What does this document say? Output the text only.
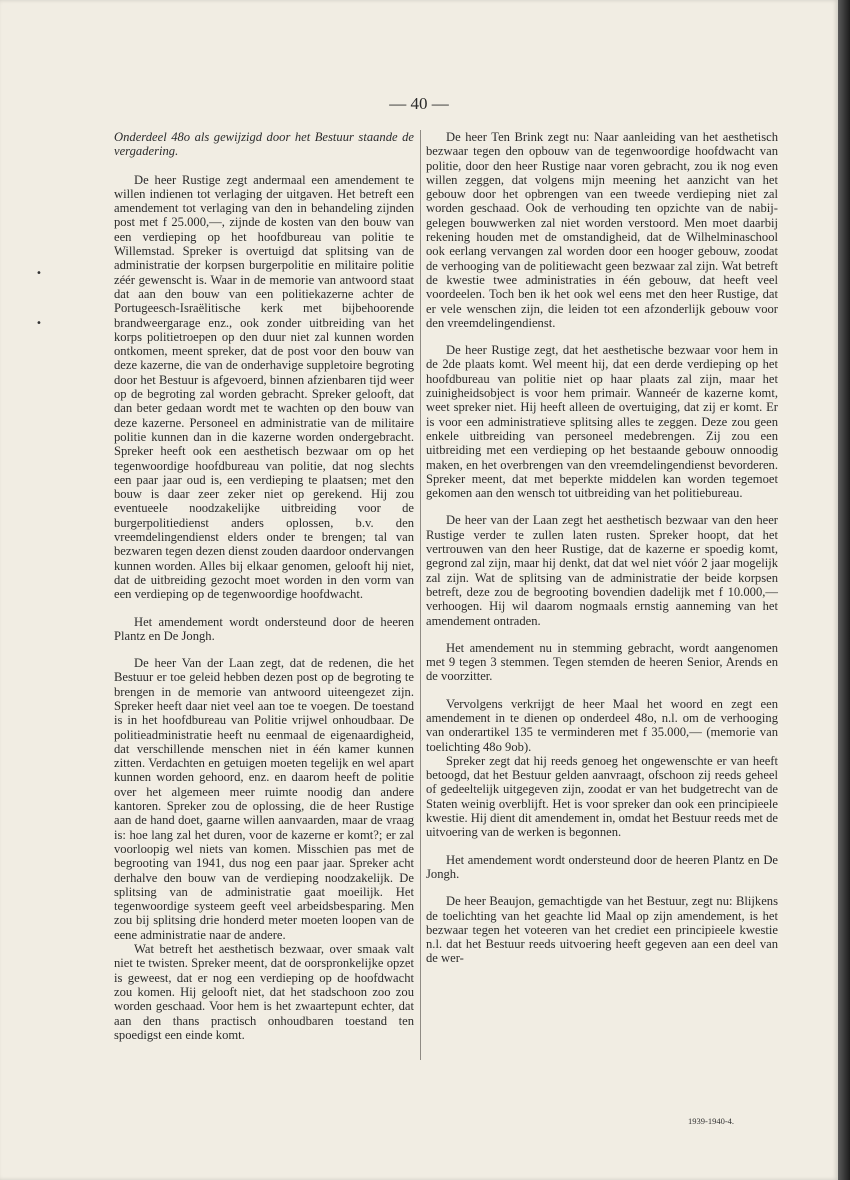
— 40 —

Onderdeel 48o als gewijzigd door het Bestuur staande de vergadering.

De heer Rustige zegt andermaal een amendement te willen indienen tot verlaging der uitgaven. Het betreft een amendement tot verlaging van den in behandeling zijnden post met f 25.000,—, zijnde de kosten van den bouw van een verdieping op het hoofdbureau van politie te Willemstad. Spreker is overtuigd dat splitsing van de administratie der korpsen burgerpolitie en militaire politie zéér gewenscht is. Waar in de memorie van antwoord staat dat aan den bouw van een politiekazerne achter de Portugeesch-Israëlitische kerk met bijbehoorende brandweergarage enz., ook zonder uitbreiding van het korps politietroepen op den duur niet zal kunnen worden ontkomen, meent spreker, dat de post voor den bouw van deze kazerne, die van de onderhavige suppletoire begroting door het Bestuur is afgevoerd, binnen afzienbaren tijd weer op de begroting zal worden gebracht. Spreker gelooft, dat dan beter gedaan wordt met te wachten op den bouw van deze kazerne. Personeel en administratie van de militaire politie kunnen dan in die kazerne worden ondergebracht. Spreker heeft ook een aesthetisch bezwaar om op het tegenwoordige hoofdbureau van politie, dat nog slechts een paar jaar oud is, een verdieping te plaatsen; met den bouw is daar zeer zeker niet op gerekend. Hij zou eventueele noodzakelijke uitbreiding voor de burgerpolitiedienst anders oplossen, b.v. den vreemdelingendienst elders onder te brengen; tal van bezwaren tegen dezen dienst zouden daardoor ondervangen kunnen worden. Alles bij elkaar genomen, gelooft hij niet, dat de uitbreiding gezocht moet worden in den vorm van een verdieping op de tegenwoordige hoofdwacht.

Het amendement wordt ondersteund door de heeren Plantz en De Jongh.

De heer Van der Laan zegt, dat de redenen, die het Bestuur er toe geleid hebben dezen post op de begroting te brengen in de memorie van antwoord uiteengezet zijn. Spreker heeft daar niet veel aan toe te voegen. De toestand is in het hoofdbureau van Politie vrijwel onhoudbaar. De politieadministratie heeft nu eenmaal de eigenaardigheid, dat verschillende menschen niet in één kamer kunnen zitten. Verdachten en getuigen moeten tegelijk en wel apart kunnen worden gehoord, enz. en daarom heeft de politie over het algemeen meer ruimte noodig dan andere kantoren. Spreker zou de oplossing, die de heer Rustige aan de hand doet, gaarne willen aanvaarden, maar de vraag is: hoe lang zal het duren, voor de kazerne er komt?; er zal voorloopig wel niets van komen. Misschien pas met de begrooting van 1941, dus nog een paar jaar. Spreker acht derhalve den bouw van de verdieping noodzakelijk. De splitsing van de administratie gaat moeilijk. Het tegenwoordige systeem geeft veel arbeidsbesparing. Men zou bij splitsing drie honderd meter moeten loopen van de eene administratie naar de andere.

Wat betreft het aesthetisch bezwaar, over smaak valt niet te twisten. Spreker meent, dat de oorspronkelijke opzet is geweest, dat er nog een verdieping op de hoofdwacht zou komen. Hij gelooft niet, dat het stadschoon zoo zou worden geschaad. Voor hem is het zwaartepunt echter, dat aan den thans practisch onhoudbaren toestand ten spoedigst een einde komt.

De heer Ten Brink zegt nu: Naar aanleiding van het aesthetisch bezwaar tegen den opbouw van de tegenwoordige hoofdwacht van politie, door den heer Rustige naar voren gebracht, zou ik nog even willen zeggen, dat volgens mijn meening het aanzicht van het gebouw door het opbrengen van een tweede verdieping niet zal worden geschaad. Ook de verhouding ten opzichte van de nabij-gelegen bouwwerken zal niet worden verstoord. Men moet daarbij rekening houden met de omstandigheid, dat de Wilhelminaschool ook eerlang vervangen zal worden door een hooger gebouw, zoodat de verhooging van de politiewacht geen bezwaar zal zijn. Wat betreft de kwestie twee administraties in één gebouw, dat heeft veel voordeelen. Toch ben ik het ook wel eens met den heer Rustige, dat er vele wenschen zijn, die leiden tot een afzonderlijk gebouw voor den vreemdelingendienst.

De heer Rustige zegt, dat het aesthetische bezwaar voor hem in de 2de plaats komt. Wel meent hij, dat een derde verdieping op het hoofdbureau van politie niet op haar plaats zal zijn, maar het zuinigheidsobject is voor hem primair. Wanneér de kazerne komt, weet spreker niet. Hij heeft alleen de overtuiging, dat zij er komt. Er is voor een administratieve splitsing alles te zeggen. Deze zou geen enkele uitbreiding van personeel medebrengen. Zij zou een uitbreiding met een verdieping op het bestaande gebouw onnoodig maken, en het overbrengen van den vreemdelingendienst bevorderen. Spreker meent, dat met beperkte middelen kan worden tegemoet gekomen aan den wensch tot uitbreiding van het politiebureau.

De heer van der Laan zegt het aesthetisch bezwaar van den heer Rustige verder te zullen laten rusten. Spreker hoopt, dat het vertrouwen van den heer Rustige, dat de kazerne er spoedig komt, gegrond zal zijn, maar hij denkt, dat dat wel niet vóór 2 jaar mogelijk zal zijn. Wat de splitsing van de administratie der beide korpsen betreft, deze zou de begrooting bovendien dadelijk met f 10.000,— verhoogen. Hij wil daarom nogmaals ernstig aanneming van het amendement ontraden.

Het amendement nu in stemming gebracht, wordt aangenomen met 9 tegen 3 stemmen. Tegen stemden de heeren Senior, Arends en de voorzitter.

Vervolgens verkrijgt de heer Maal het woord en zegt een amendement in te dienen op onderdeel 48o, n.l. om de verhooging van onderartikel 135 te verminderen met f 35.000,— (memorie van toelichting 48o 9ob).

Spreker zegt dat hij reeds genoeg het ongewenschte er van heeft betoogd, dat het Bestuur gelden aanvraagt, ofschoon zij reeds geheel of gedeeltelijk uitgegeven zijn, zoodat er van het budgetrecht van de Staten weinig overblijft. Het is voor spreker dan ook een principieele kwestie. Hij dient dit amendement in, omdat het Bestuur reeds met de uitvoering van de werken is begonnen.

Het amendement wordt ondersteund door de heeren Plantz en De Jongh.

De heer Beaujon, gemachtigde van het Bestuur, zegt nu: Blijkens de toelichting van het geachte lid Maal op zijn amendement, is het bezwaar tegen het voteeren van het crediet een principieele kwestie n.l. dat het Bestuur reeds uitvoering heeft gegeven aan een deel van de wer-

•
•
1939-1940-4.
